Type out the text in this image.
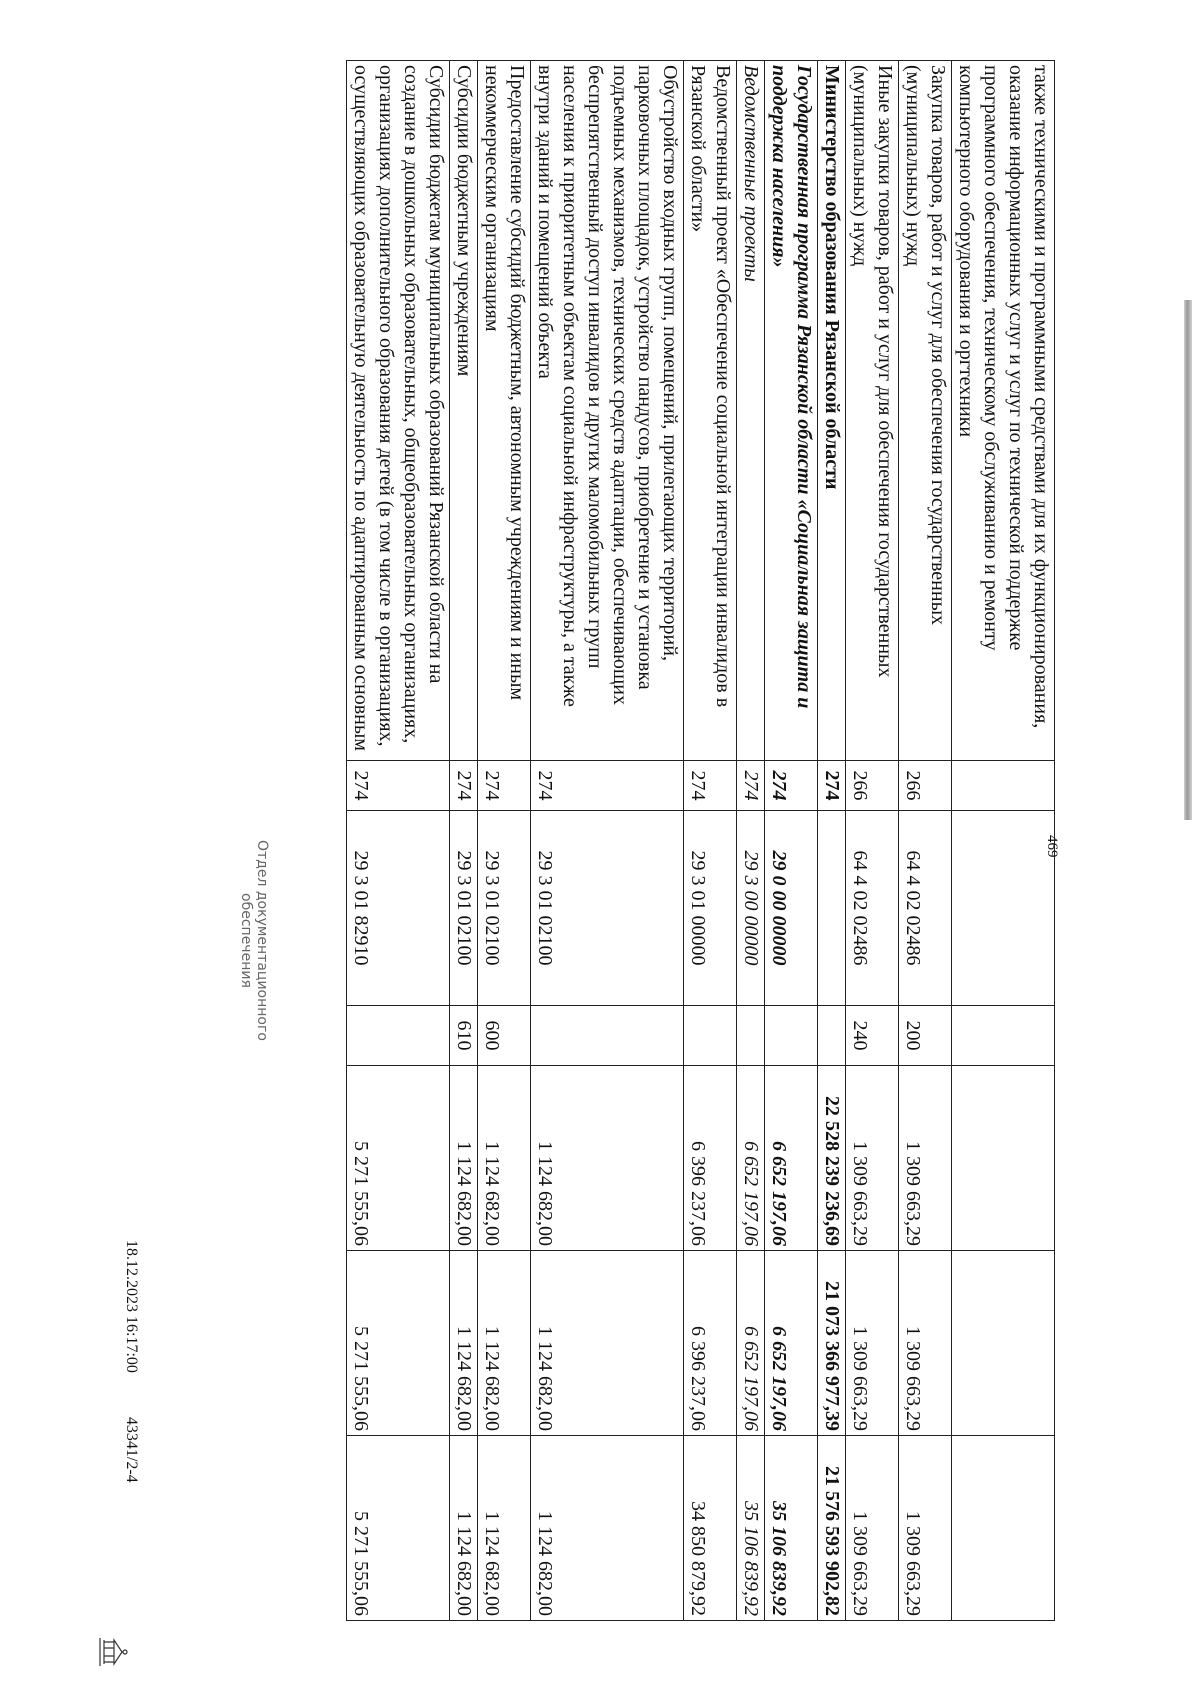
469
также техническими и программными средствами для их функционирования, оказание информационных услуг и услуг по технической поддержке программного обеспечения, техническому обслуживанию и ремонту компьютерного оборудования и оргтехники						
Закупка товаров, работ и услуг для обеспечения государственных (муниципальных) нужд	266	64 4 02 02486	200	1 309 663,29	1 309 663,29	1 309 663,29
Иные закупки товаров, работ и услуг для обеспечения государственных (муниципальных) нужд	266	64 4 02 02486	240	1 309 663,29	1 309 663,29	1 309 663,29
Министерство образования Рязанской области	274			22 528 239 236,69	21 073 366 977,39	21 576 593 902,82
Государственная программа Рязанской области «Социальная защита и поддержка населения»	274	29 0 00 00000		6 652 197,06	6 652 197,06	35 106 839,92
Ведомственные проекты	274	29 3 00 00000		6 652 197,06	6 652 197,06	35 106 839,92
Ведомственный проект «Обеспечение социальной интеграции инвалидов в Рязанской области»	274	29 3 01 00000		6 396 237,06	6 396 237,06	34 850 879,92
Обустройство входных групп, помещений, прилегающих территорий, парковочных площадок, устройство пандусов, приобретение и установка подъемных механизмов, технических средств адаптации, обеспечивающих беспрепятственный доступ инвалидов и других маломобильных групп населения к приоритетным объектам социальной инфраструктуры, а также внутри зданий и помещений объекта	274	29 3 01 02100		1 124 682,00	1 124 682,00	1 124 682,00
Предоставление субсидий бюджетным, автономным учреждениям и иным некоммерческим организациям	274	29 3 01 02100	600	1 124 682,00	1 124 682,00	1 124 682,00
Субсидии бюджетным учреждениям	274	29 3 01 02100	610	1 124 682,00	1 124 682,00	1 124 682,00
Субсидии бюджетам муниципальных образований Рязанской области на создание в дошкольных образовательных, общеобразовательных организациях, организациях дополнительного образования детей (в том числе в организациях, осуществляющих образовательную деятельность по адаптированным основным	274	29 3 01 82910		5 271 555,06	5 271 555,06	5 271 555,06
Отдел документационного
обеспечения
18.12.2023 16:17:00 43341/2-4
